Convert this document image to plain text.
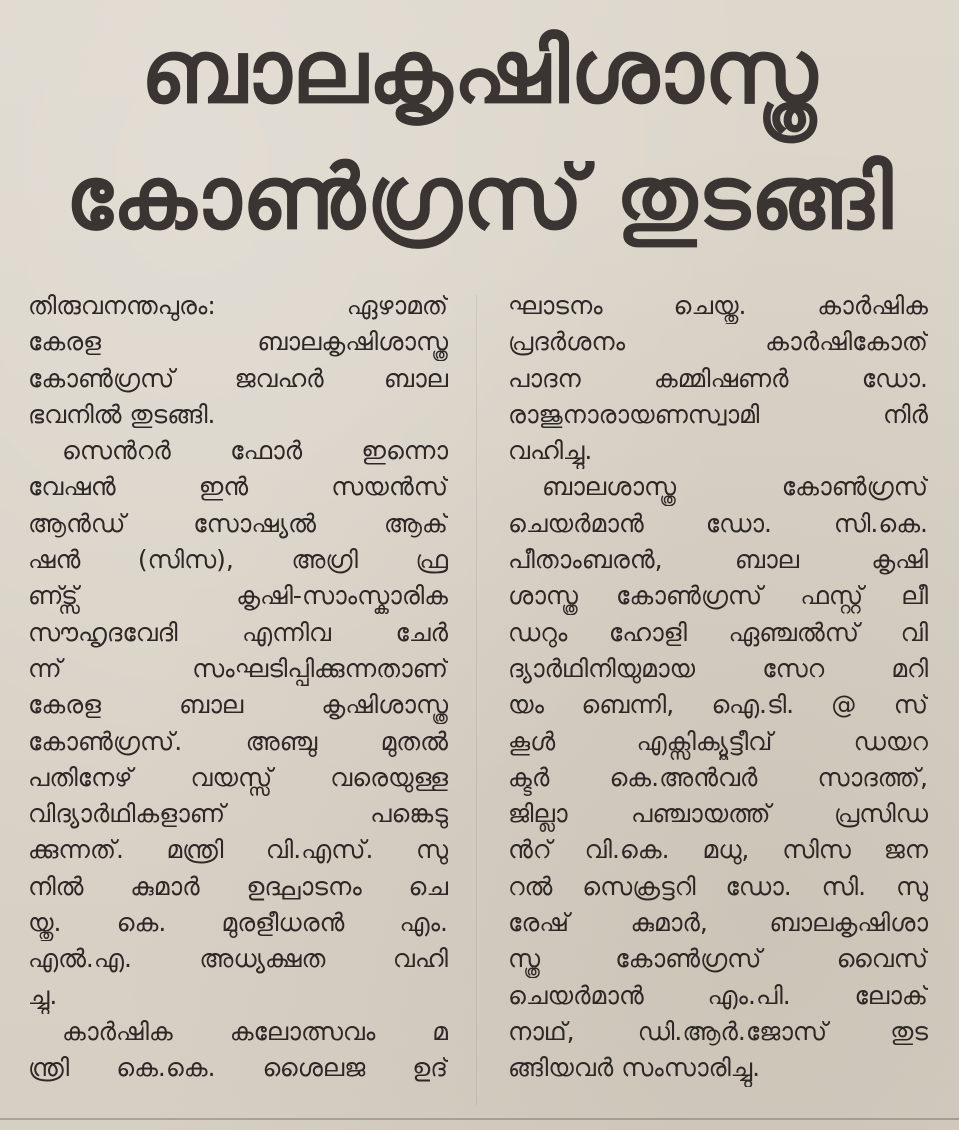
ബാലകൃഷിശാസ്ത്ര
കോൺഗ്രസ് തുടങ്ങി
തിരുവനന്തപുരം: ഏഴാമത്
കേരള ബാലകൃഷിശാസ്ത്ര
കോൺഗ്രസ് ജവഹർ ബാല
ഭവനിൽ തുടങ്ങി.
സെൻറർ ഫോർ ഇന്നൊ
വേഷൻ ഇൻ സയൻസ്
ആൻഡ് സോഷ്യൽ ആക്
ഷൻ (സിസ), അഗ്രി ഫ്ര
ണ്ട്സ് കൃഷി-സാംസ്കാരിക
സൗഹൃദവേദി എന്നിവ ചേർ
ന്ന് സംഘടിപ്പിക്കുന്നതാണ്
കേരള ബാല കൃഷിശാസ്ത്ര
കോൺഗ്രസ്. അഞ്ചു മുതൽ
പതിനേഴ് വയസ്സ് വരെയുള്ള
വിദ്യാർഥികളാണ് പങ്കെടു
ക്കുന്നത്. മന്ത്രി വി.എസ്. സു
നിൽ കുമാർ ഉദ്ഘാടനം ചെ
യ്തു. കെ. മുരളീധരൻ എം.
എൽ.എ. അധ്യക്ഷത വഹി
ച്ചു.
കാർഷിക കലോത്സവം മ
ന്ത്രി കെ.കെ. ശൈലജ ഉദ്
ഘാടനം ചെയ്തു. കാർഷിക
പ്രദർശനം കാർഷികോത്
പാദന കമ്മിഷണർ ഡോ.
രാജുനാരായണസ്വാമി നിർ
വഹിച്ചു.
ബാലശാസ്ത്ര കോൺഗ്രസ്
ചെയർമാൻ ഡോ. സി.കെ.
പീതാംബരൻ, ബാല കൃഷി
ശാസ്ത്ര കോൺഗ്രസ് ഫസ്റ്റ് ലീ
ഡറും ഹോളി ഏഞ്ചൽസ് വി
ദ്യാർഥിനിയുമായ സേറ മറി
യം ബെന്നി, ഐ.ടി. @ സ്
കൂൾ എക്സിക്യൂട്ടീവ് ഡയറ
ക്ടർ കെ.അൻവർ സാദത്ത്,
ജില്ലാ പഞ്ചായത്ത് പ്രസിഡ
ൻറ് വി.കെ. മധു, സിസ ജന
റൽ സെക്രട്ടറി ഡോ. സി. സു
രേഷ് കുമാർ, ബാലകൃഷിശാ
സ്ത്ര കോൺഗ്രസ് വൈസ്
ചെയർമാൻ എം.പി. ലോക്
നാഥ്, ഡി.ആർ.ജോസ് തുട
ങ്ങിയവർ സംസാരിച്ചു.
